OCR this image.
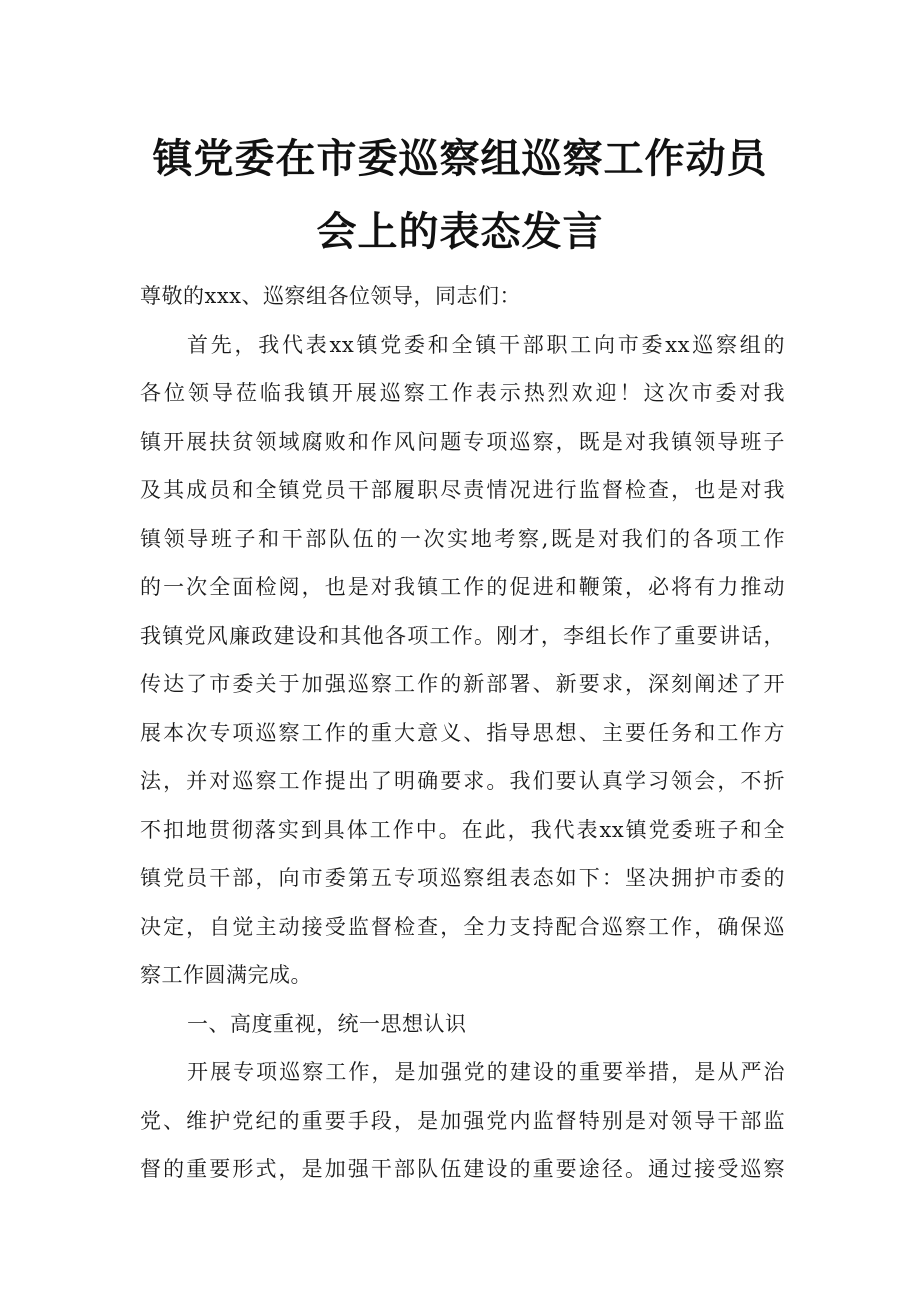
镇党委在市委巡察组巡察工作动员
会上的表态发言
尊敬的xxx、巡察组各位领导，同志们：
首先，我代表xx镇党委和全镇干部职工向市委xx巡察组的
各位领导莅临我镇开展巡察工作表示热烈欢迎！这次市委对我
镇开展扶贫领域腐败和作风问题专项巡察，既是对我镇领导班子
及其成员和全镇党员干部履职尽责情况进行监督检查，也是对我
镇领导班子和干部队伍的一次实地考察,既是对我们的各项工作
的一次全面检阅，也是对我镇工作的促进和鞭策，必将有力推动
我镇党风廉政建设和其他各项工作。刚才，李组长作了重要讲话，
传达了市委关于加强巡察工作的新部署、新要求，深刻阐述了开
展本次专项巡察工作的重大意义、指导思想、主要任务和工作方
法，并对巡察工作提出了明确要求。我们要认真学习领会，不折
不扣地贯彻落实到具体工作中。在此，我代表xx镇党委班子和全
镇党员干部，向市委第五专项巡察组表态如下：坚决拥护市委的
决定，自觉主动接受监督检查，全力支持配合巡察工作，确保巡
察工作圆满完成。
一、高度重视，统一思想认识
开展专项巡察工作，是加强党的建设的重要举措，是从严治
党、维护党纪的重要手段，是加强党内监督特别是对领导干部监
督的重要形式，是加强干部队伍建设的重要途径。通过接受巡察
